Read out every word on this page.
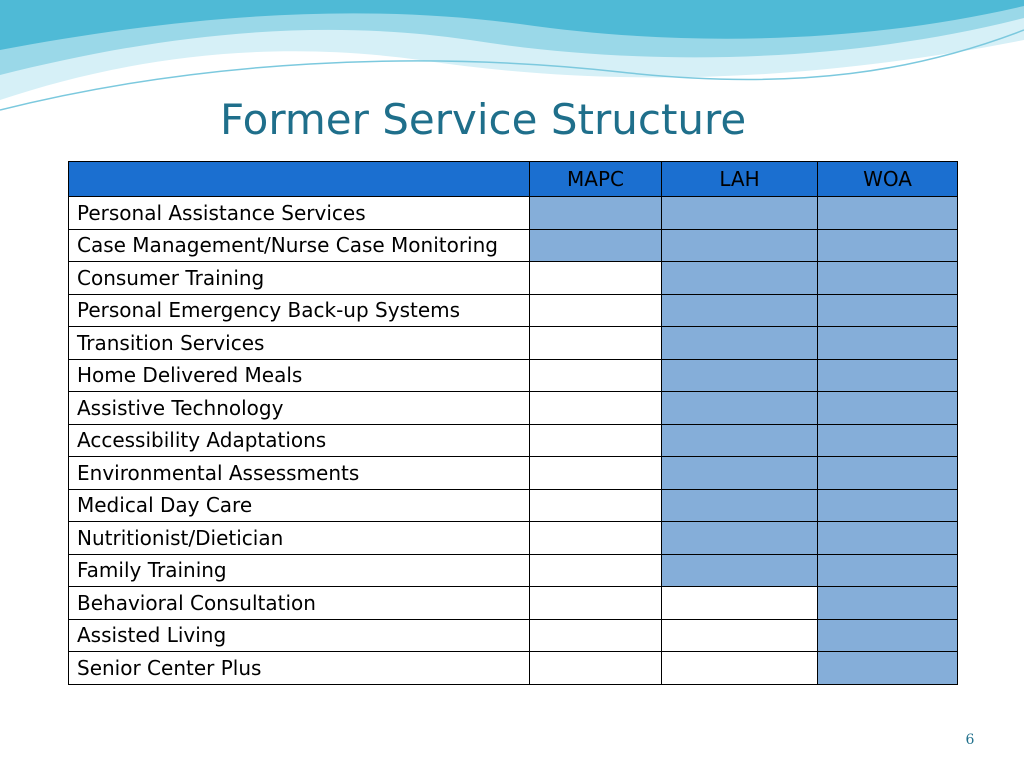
Former Service Structure
	MAPC	LAH	WOA
Personal Assistance Services			
Case Management/Nurse Case Monitoring			
Consumer Training			
Personal Emergency Back-up Systems			
Transition Services			
Home Delivered Meals			
Assistive Technology			
Accessibility Adaptations			
Environmental Assessments			
Medical Day Care			
Nutritionist/Dietician			
Family Training			
Behavioral Consultation			
Assisted Living			
Senior Center Plus			
6
